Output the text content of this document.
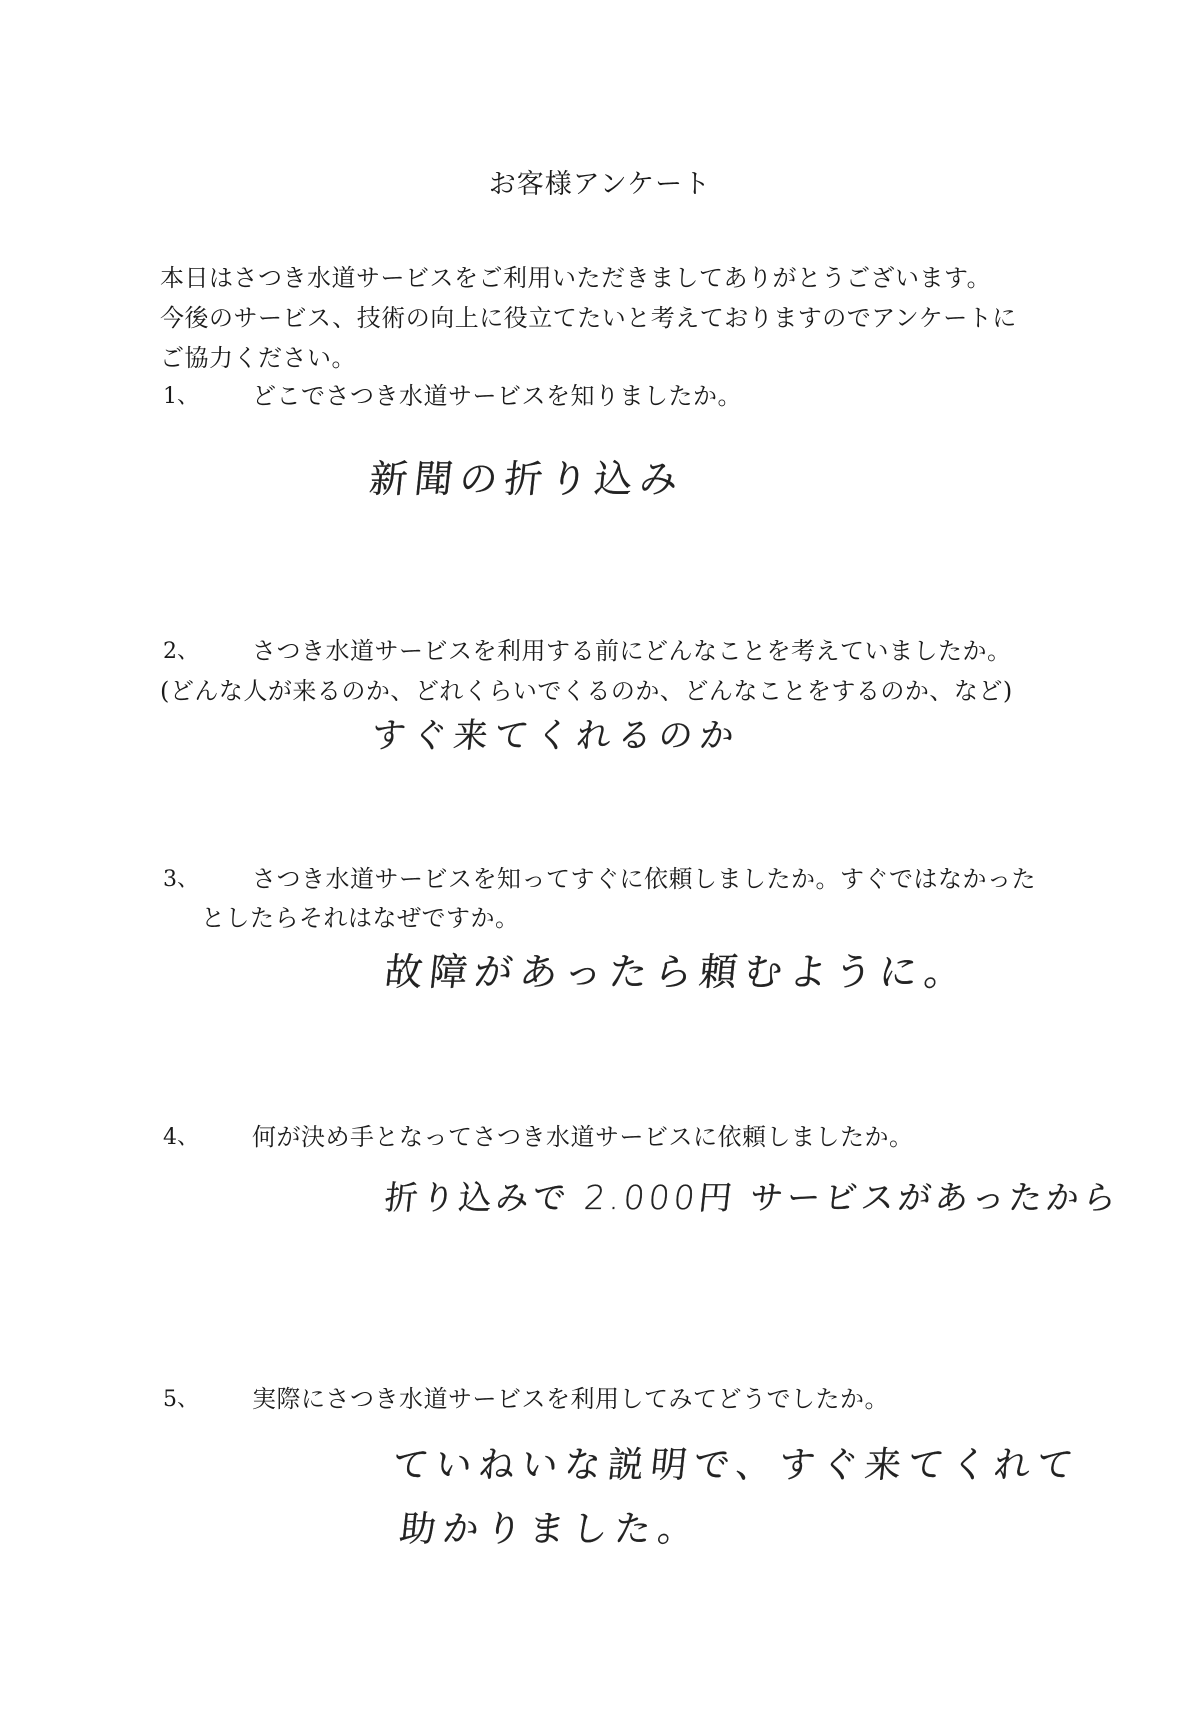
お客様アンケート
本日はさつき水道サービスをご利用いただきましてありがとうございます。
今後のサービス、技術の向上に役立てたいと考えておりますのでアンケートに
ご協力ください。
1、 どこでさつき水道サービスを知りましたか。
新聞の折り込み
2、 さつき水道サービスを利用する前にどんなことを考えていましたか。
(どんな人が来るのか、どれくらいでくるのか、どんなことをするのか、など)
すぐ来てくれるのか
3、 さつき水道サービスを知ってすぐに依頼しましたか。すぐではなかった
としたらそれはなぜですか。
故障があったら頼むように。
4、 何が決め手となってさつき水道サービスに依頼しましたか。
折り込みで 2.000円 サービスがあったから
5、 実際にさつき水道サービスを利用してみてどうでしたか。
ていねいな説明で、すぐ来てくれて
助かりました。
